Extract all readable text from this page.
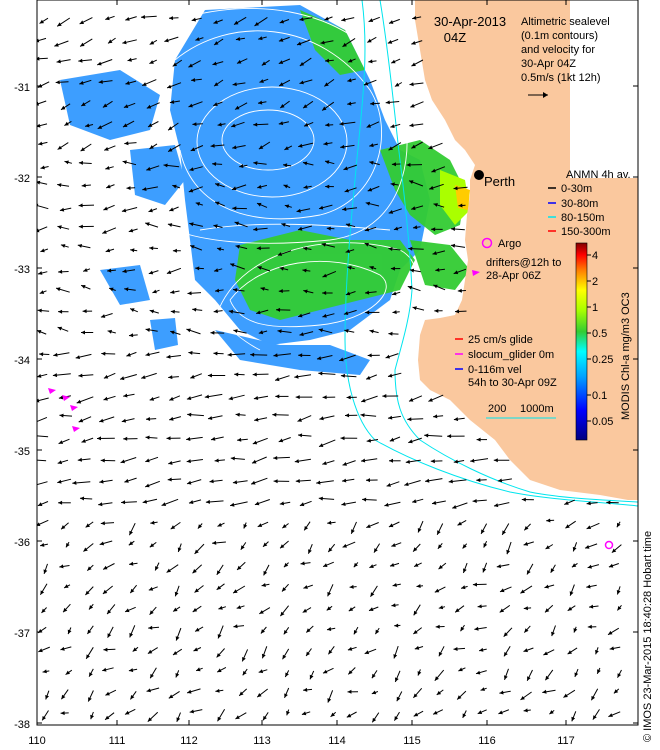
110	111	112	113	114	115	116	117
-31
-32
-33
-34
-35
-36
-37
-38
30-Apr-2013
04Z
Altimetric sealevel
(0.1m contours)
and velocity for
30-Apr 04Z
0.5m/s (1kt 12h)
Perth	ANMN 4h av.
0-30m
30-80m
80-150m
150-300m
Argo
drifters@12h to
28-Apr 06Z
25 cm/s glide
slocum_glider 0m
0-116m vel
54h to 30-Apr 09Z
200 1000m
4
2
1
0.5
0.25
0.1
0.05
MODIS Chl-a mg/m3 OC3
© IMOS 23-Mar-2015 18:40:28 Hobart time
